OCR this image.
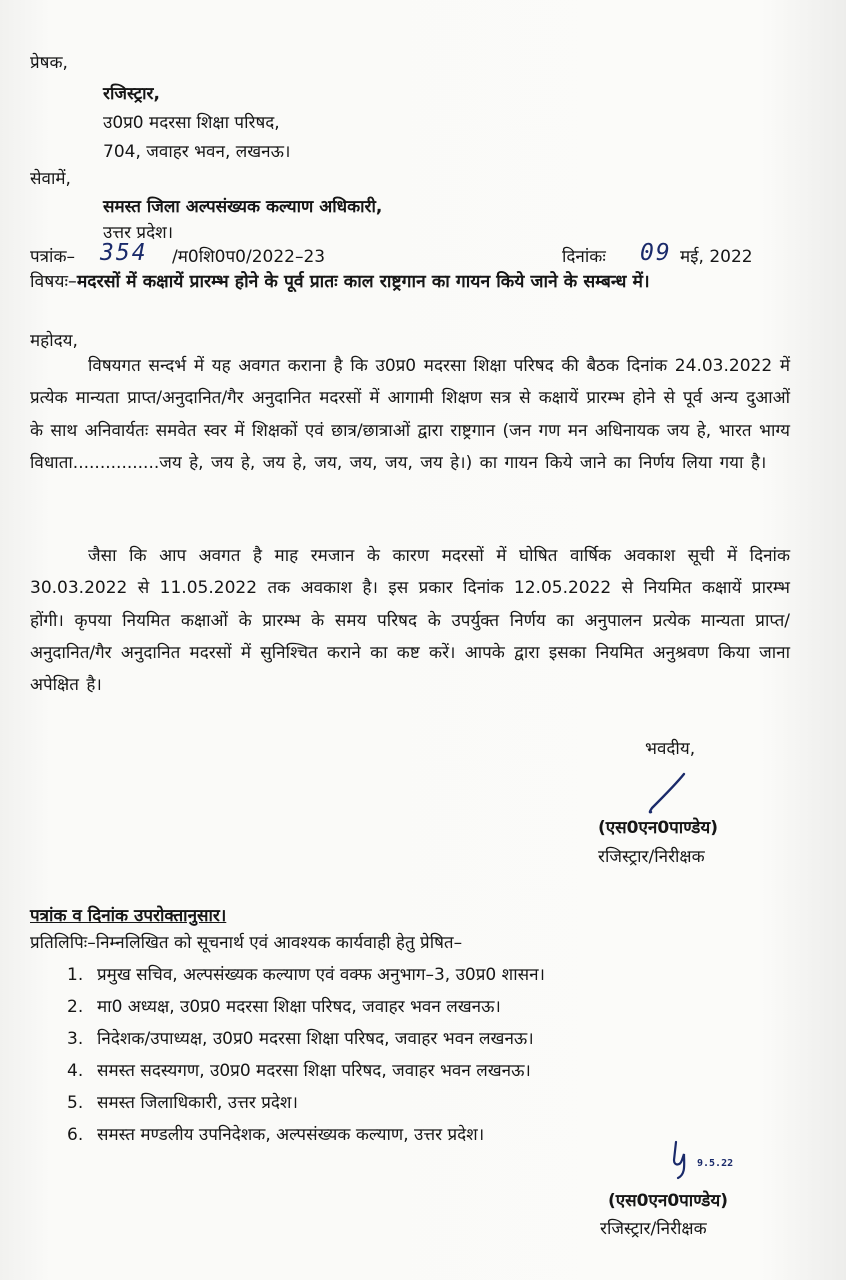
प्रेषक,
रजिस्ट्रार,
उ0प्र0 मदरसा शिक्षा परिषद,
704, जवाहर भवन, लखनऊ।
सेवामें,
समस्त जिला अल्पसंख्यक कल्याण अधिकारी,
उत्तर प्रदेश।
पत्रांक– 354 /म0शि0प0/2022–23	दिनांकः 09 मई, 2022
विषयः–मदरसों में कक्षायें प्रारम्भ होने के पूर्व प्रातः काल राष्ट्रगान का गायन किये जाने के सम्बन्ध में।
महोदय,
विषयगत सन्दर्भ में यह अवगत कराना है कि उ0प्र0 मदरसा शिक्षा परिषद की बैठक दिनांक 24.03.2022 में प्रत्येक मान्यता प्राप्त/अनुदानित/गैर अनुदानित मदरसों में आगामी शिक्षण सत्र से कक्षायें प्रारम्भ होने से पूर्व अन्य दुआओं के साथ अनिवार्यतः समवेत स्वर में शिक्षकों एवं छात्र/छात्राओं द्वारा राष्ट्रगान (जन गण मन अधिनायक जय हे, भारत भाग्य विधाता................जय हे, जय हे, जय हे, जय, जय, जय, जय हे।) का गायन किये जाने का निर्णय लिया गया है।
जैसा कि आप अवगत है माह रमजान के कारण मदरसों में घोषित वार्षिक अवकाश सूची में दिनांक 30.03.2022 से 11.05.2022 तक अवकाश है। इस प्रकार दिनांक 12.05.2022 से नियमित कक्षायें प्रारम्भ होंगी। कृपया नियमित कक्षाओं के प्रारम्भ के समय परिषद के उपर्युक्त निर्णय का अनुपालन प्रत्येक मान्यता प्राप्त/अनुदानित/गैर अनुदानित मदरसों में सुनिश्चित कराने का कष्ट करें। आपके द्वारा इसका नियमित अनुश्रवण किया जाना अपेक्षित है।
भवदीय,
(एस0एन0पाण्डेय)
रजिस्ट्रार/निरीक्षक
पत्रांक व दिनांक उपरोक्तानुसार।
प्रतिलिपिः–निम्नलिखित को सूचनार्थ एवं आवश्यक कार्यवाही हेतु प्रेषित–
1. प्रमुख सचिव, अल्पसंख्यक कल्याण एवं वक्फ अनुभाग–3, उ0प्र0 शासन।
2. मा0 अध्यक्ष, उ0प्र0 मदरसा शिक्षा परिषद, जवाहर भवन लखनऊ।
3. निदेशक/उपाध्यक्ष, उ0प्र0 मदरसा शिक्षा परिषद, जवाहर भवन लखनऊ।
4. समस्त सदस्यगण, उ0प्र0 मदरसा शिक्षा परिषद, जवाहर भवन लखनऊ।
5. समस्त जिलाधिकारी, उत्तर प्रदेश।
6. समस्त मण्डलीय उपनिदेशक, अल्पसंख्यक कल्याण, उत्तर प्रदेश।
9.5.22
(एस0एन0पाण्डेय)
रजिस्ट्रार/निरीक्षक
